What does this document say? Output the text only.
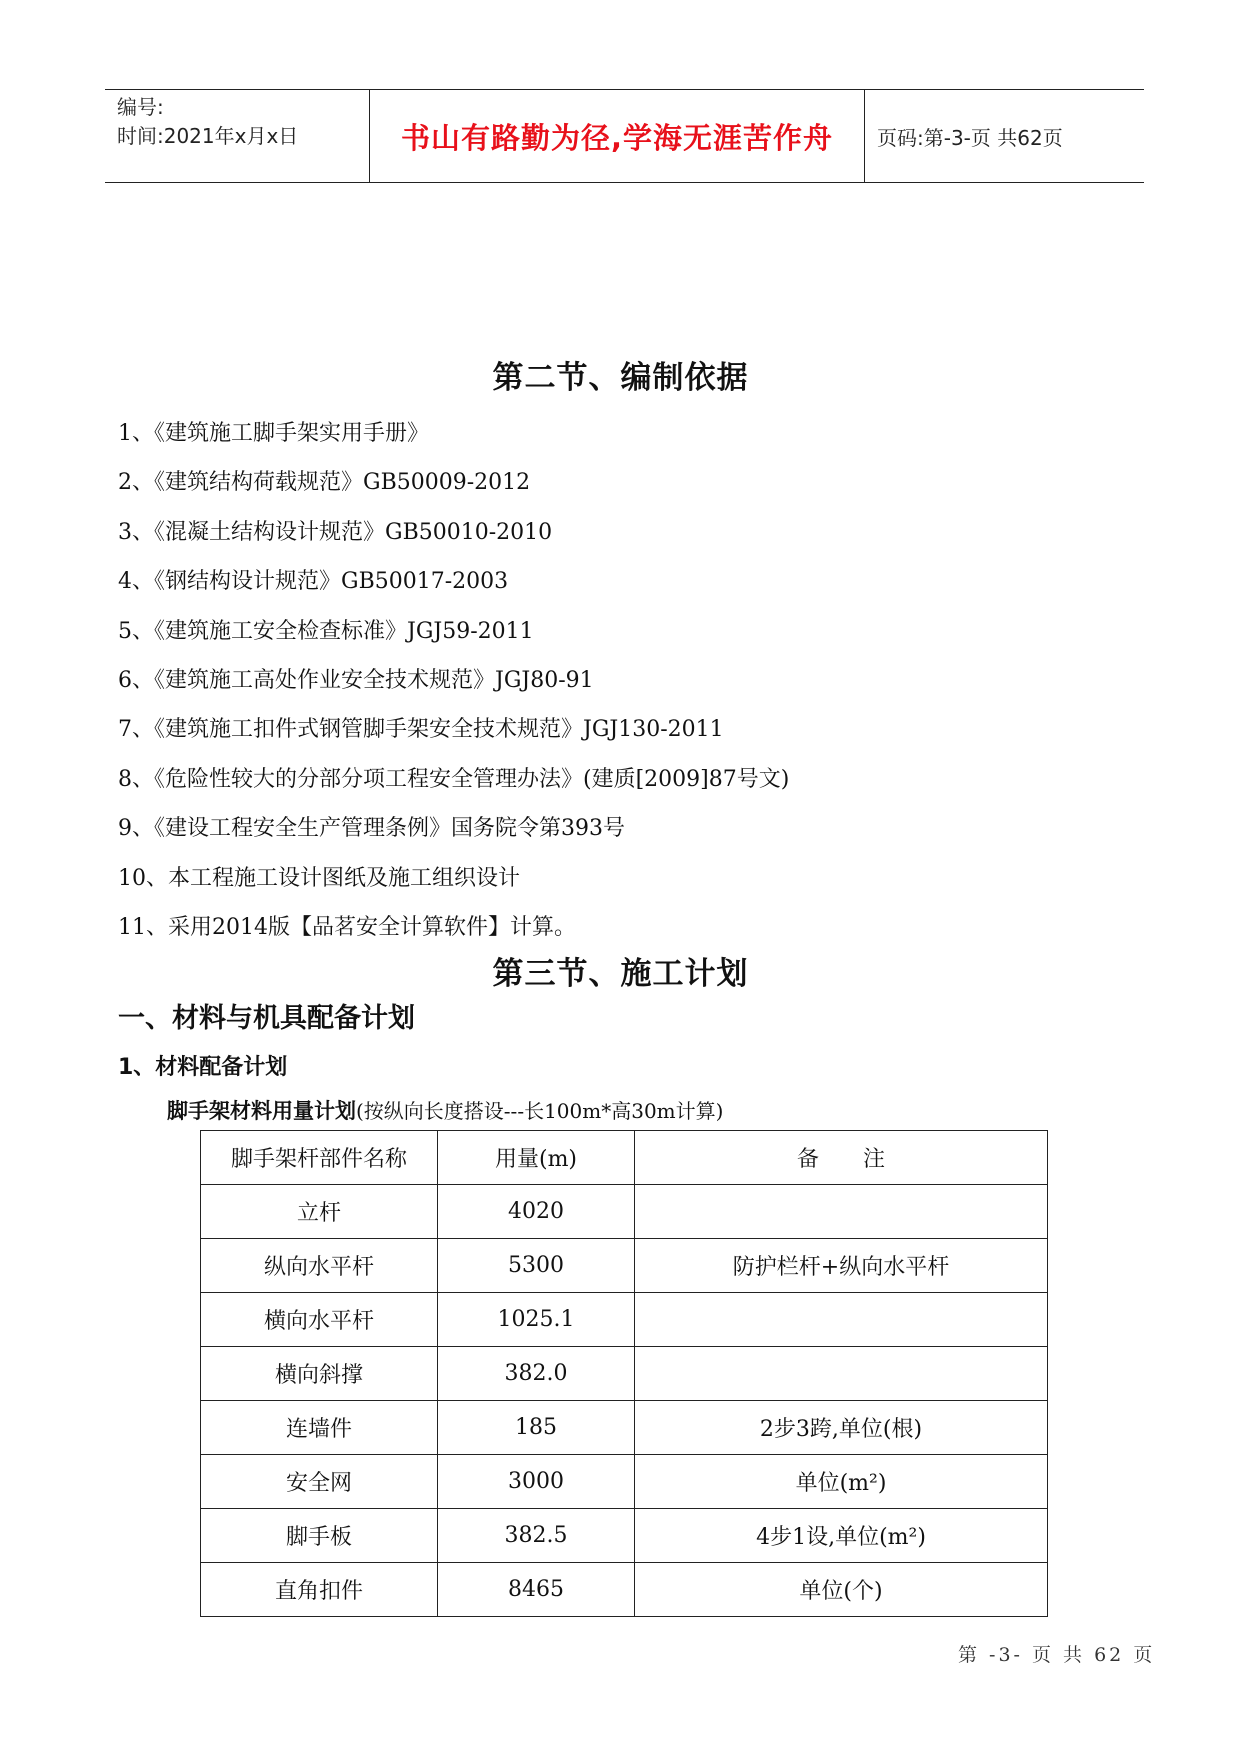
编号:
时间:2021年x月x日	书山有路勤为径,学海无涯苦作舟	页码:第-3-页 共62页
第二节、编制依据
1、《建筑施工脚手架实用手册》
2、《建筑结构荷载规范》GB50009-2012
3、《混凝土结构设计规范》GB50010-2010
4、《钢结构设计规范》GB50017-2003
5、《建筑施工安全检查标准》JGJ59-2011
6、《建筑施工高处作业安全技术规范》JGJ80-91
7、《建筑施工扣件式钢管脚手架安全技术规范》JGJ130-2011
8、《危险性较大的分部分项工程安全管理办法》(建质[2009]87号文)
9、《建设工程安全生产管理条例》国务院令第393号
10、本工程施工设计图纸及施工组织设计
11、采用2014版【品茗安全计算软件】计算。
第三节、施工计划
一、材料与机具配备计划
1、材料配备计划
脚手架材料用量计划(按纵向长度搭设---长100m*高30m计算)
脚手架杆部件名称	用量(m)	备　　注
立杆	4020	
纵向水平杆	5300	防护栏杆+纵向水平杆
横向水平杆	1025.1	
横向斜撑	382.0	
连墙件	185	2步3跨,单位(根)
安全网	3000	单位(m²)
脚手板	382.5	4步1设,单位(m²)
直角扣件	8465	单位(个)
第 -3- 页 共 62 页
